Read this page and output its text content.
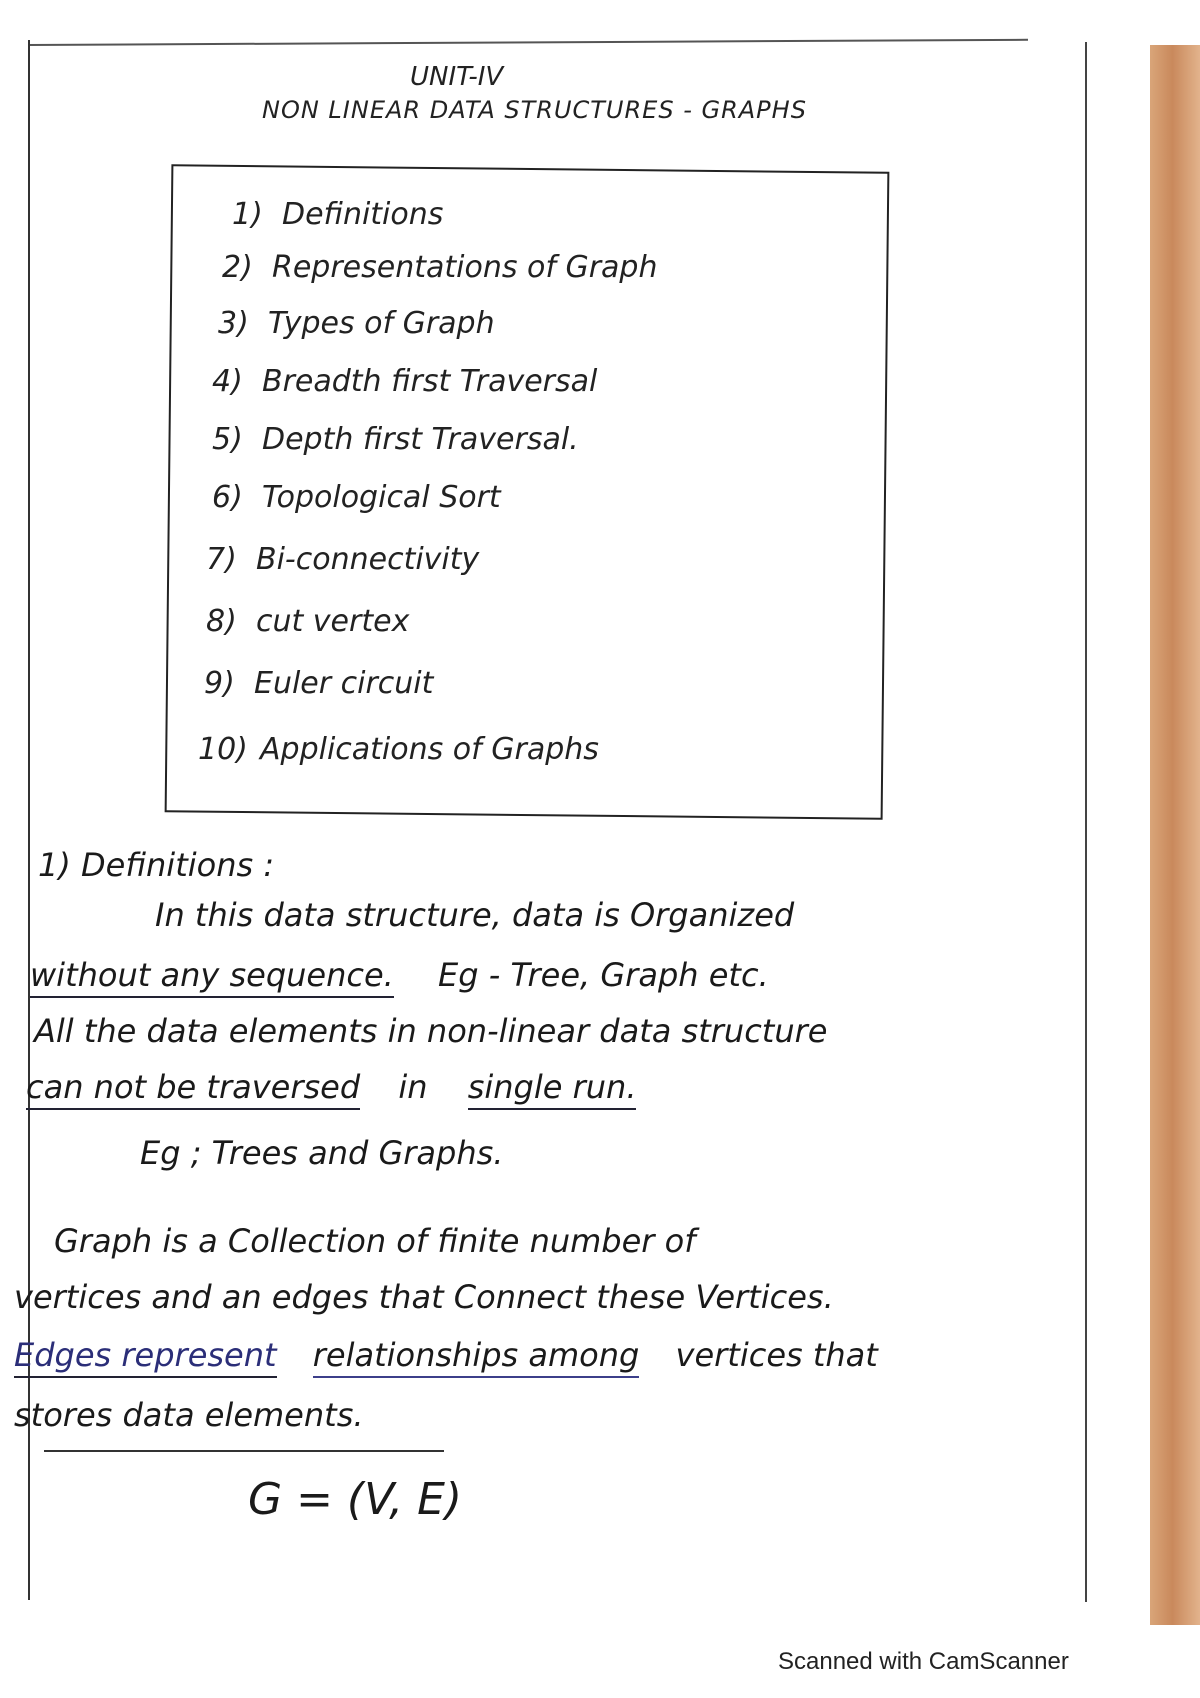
UNIT-IV
NON LINEAR DATA STRUCTURES - GRAPHS
1) Definitions
2) Representations of Graph
3) Types of Graph
4) Breadth first Traversal
5) Depth first Traversal.
6) Topological Sort
7) Bi-connectivity
8) cut vertex
9) Euler circuit
10) Applications of Graphs
1) Definitions :
In this data structure, data is Organized
without any sequence. Eg - Tree, Graph etc.
All the data elements in non-linear data structure
can not be traversed in single run.
Eg ; Trees and Graphs.
Graph is a Collection of finite number of
vertices and an edges that Connect these Vertices.
Edges represent relationships among vertices that
stores data elements.
G = (V, E)
Scanned with CamScanner
